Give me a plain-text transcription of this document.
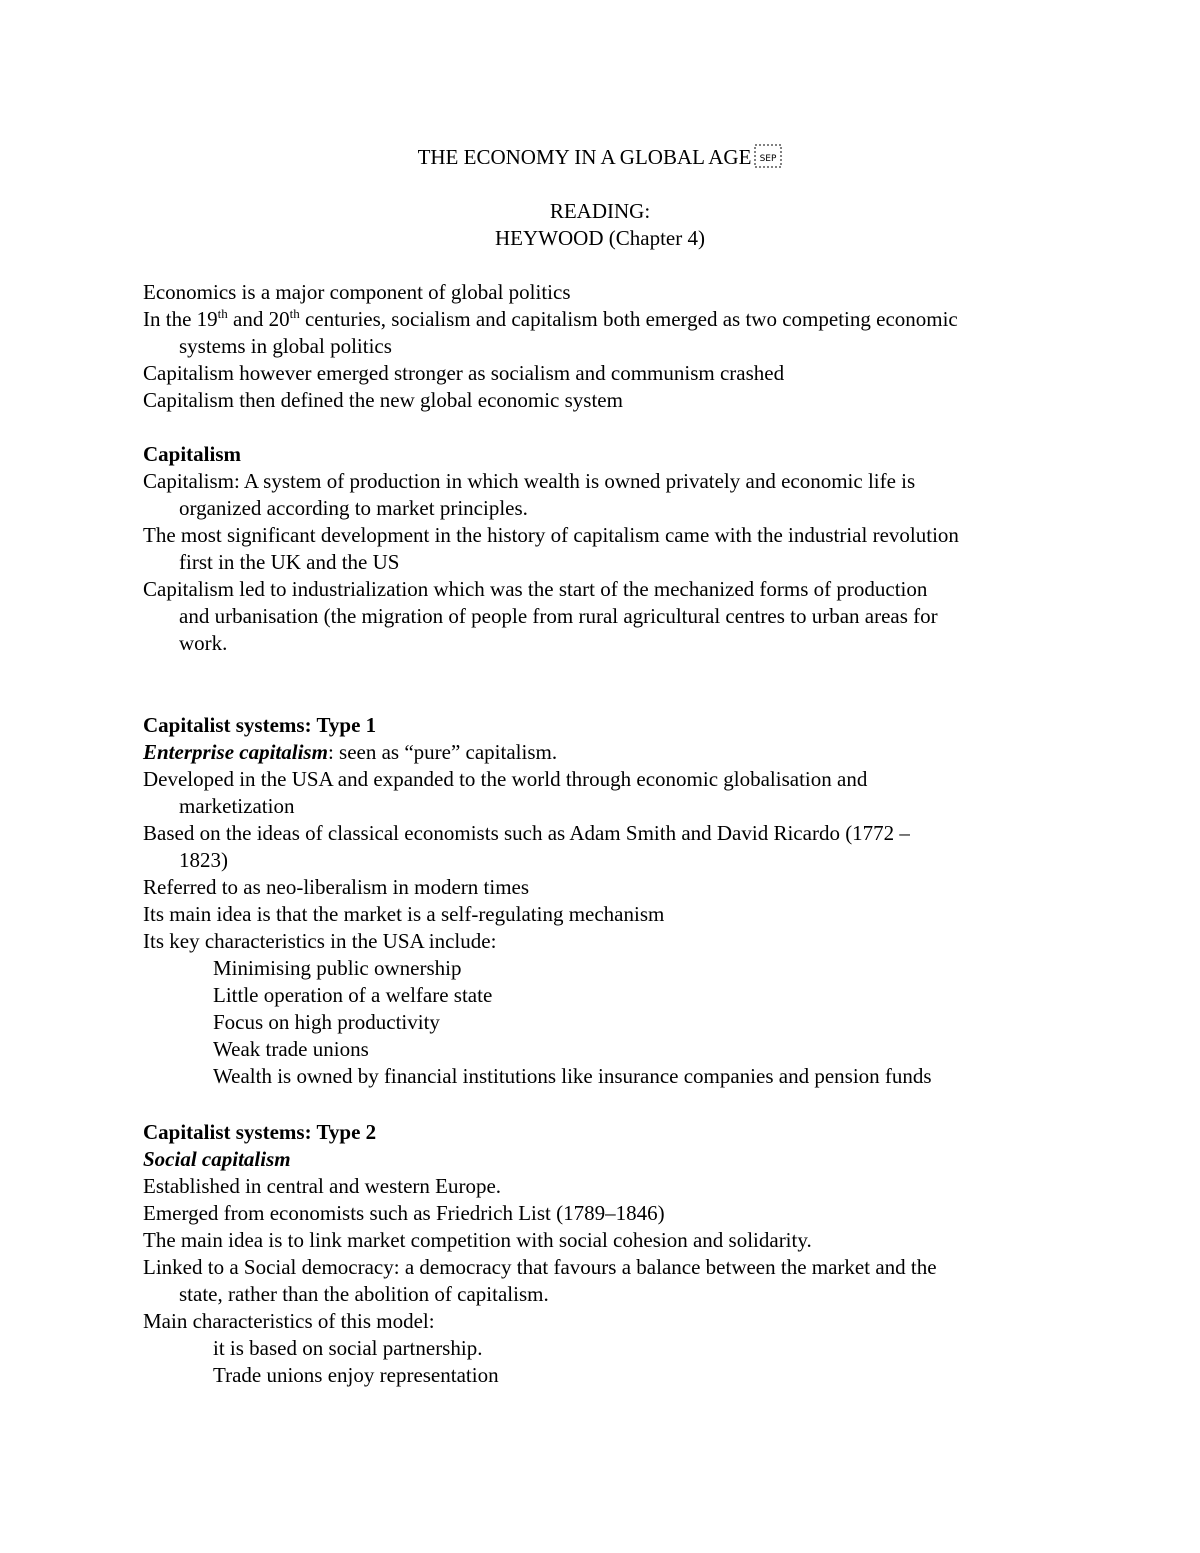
THE ECONOMY IN A GLOBAL AGE SEP
READING:
HEYWOOD (Chapter 4)
Economics is a major component of global politics
In the 19th and 20th centuries, socialism and capitalism both emerged as two competing economic
systems in global politics
Capitalism however emerged stronger as socialism and communism crashed
Capitalism then defined the new global economic system
Capitalism
Capitalism: A system of production in which wealth is owned privately and economic life is
organized according to market principles.
The most significant development in the history of capitalism came with the industrial revolution
first in the UK and the US
Capitalism led to industrialization which was the start of the mechanized forms of production
and urbanisation (the migration of people from rural agricultural centres to urban areas for
work.
Capitalist systems: Type 1
Enterprise capitalism: seen as “pure” capitalism.
Developed in the USA and expanded to the world through economic globalisation and
marketization
Based on the ideas of classical economists such as Adam Smith and David Ricardo (1772 –
1823)
Referred to as neo-liberalism in modern times
Its main idea is that the market is a self-regulating mechanism
Its key characteristics in the USA include:
Minimising public ownership
Little operation of a welfare state
Focus on high productivity
Weak trade unions
Wealth is owned by financial institutions like insurance companies and pension funds
Capitalist systems: Type 2
Social capitalism
Established in central and western Europe.
Emerged from economists such as Friedrich List (1789–1846)
The main idea is to link market competition with social cohesion and solidarity.
Linked to a Social democracy: a democracy that favours a balance between the market and the
state, rather than the abolition of capitalism.
Main characteristics of this model:
it is based on social partnership.
Trade unions enjoy representation
